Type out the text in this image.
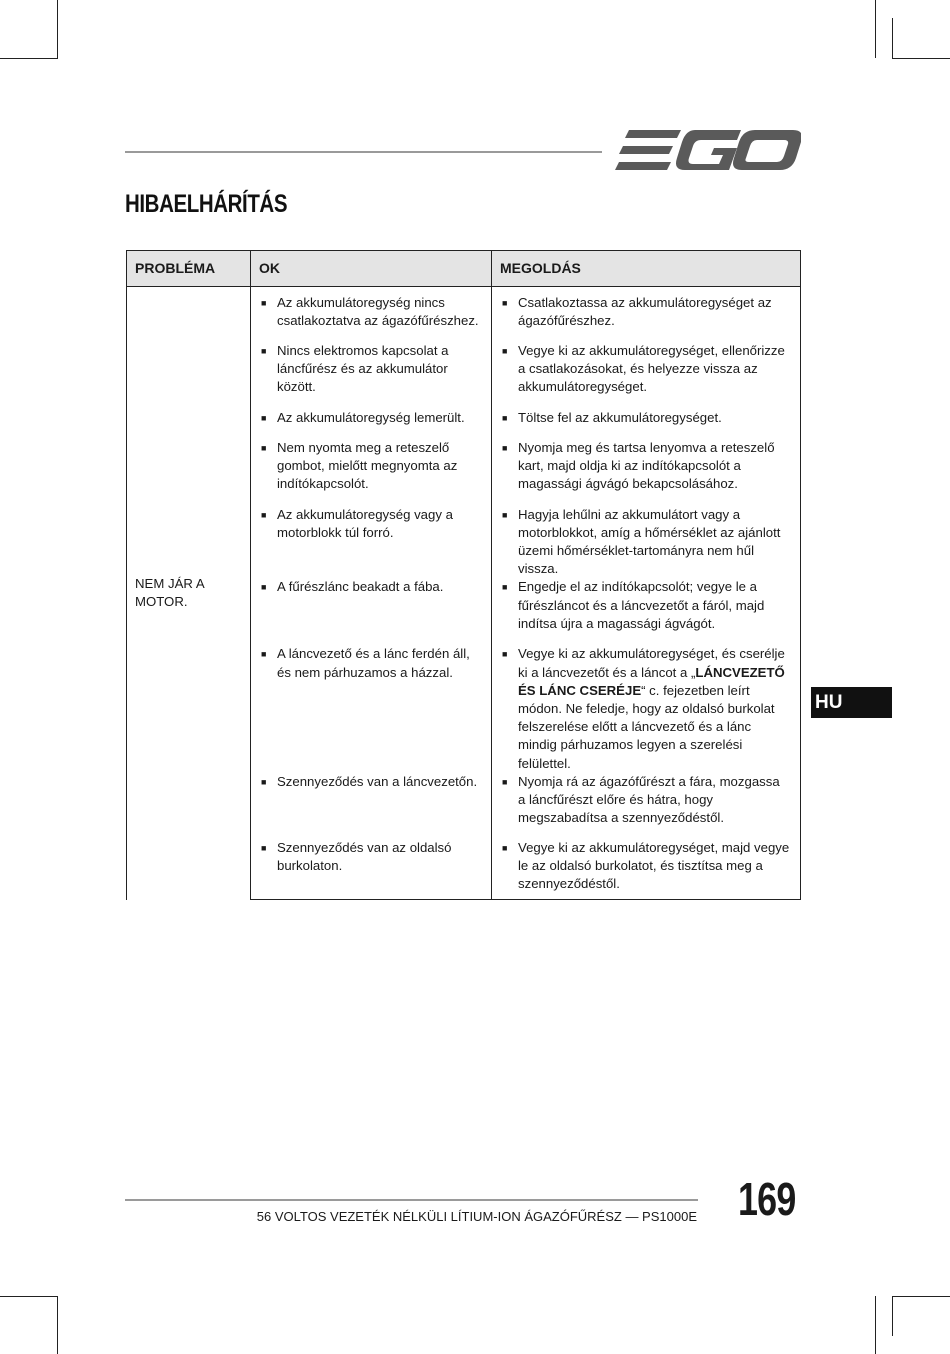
HIBAELHÁRÍTÁS
PROBLÉMA	OK	MEGOLDÁS
NEM JÁR A MOTOR.	■ Az akkumulátoregység nincs csatlakoztatva az ágazófűrészhez.	■ Csatlakoztassa az akkumulátoregységet az ágazófűrészhez.

	■ Nincs elektromos kapcsolat a láncfűrész és az akkumulátor között.	■ Vegye ki az akkumulátoregységet, ellenőrizze a csatlakozásokat, és helyezze vissza az akkumulátoregységet.

	■ Az akkumulátoregység lemerült.	■ Töltse fel az akkumulátoregységet.

	■ Nem nyomta meg a reteszelő gombot, mielőtt megnyomta az indítókapcsolót.	■ Nyomja meg és tartsa lenyomva a reteszelő kart, majd oldja ki az indítókapcsolót a magassági ágvágó bekapcsolásához.

	■ Az akkumulátoregység vagy a motorblokk túl forró.	■ Hagyja lehűlni az akkumulátort vagy a motorblokkot, amíg a hőmérséklet az ajánlott üzemi hőmérséklet-tartományra nem hűl vissza.

	■ A fűrészlánc beakadt a fába.	■ Engedje el az indítókapcsolót; vegye le a fűrészláncot és a láncvezetőt a fáról, majd indítsa újra a magassági ágvágót.

	■ A láncvezető és a lánc ferdén áll, és nem párhuzamos a házzal.	■ Vegye ki az akkumulátoregységet, és cserélje ki a láncvezetőt és a láncot a „LÁNCVEZETŐ ÉS LÁNC CSERÉJE“ c. fejezetben leírt módon. Ne feledje, hogy az oldalsó burkolat felszerelése előtt a láncvezető és a lánc mindig párhuzamos legyen a szerelési felülettel.

	■ Szennyeződés van a láncvezetőn.	■ Nyomja rá az ágazófűrészt a fára, mozgassa a láncfűrészt előre és hátra, hogy megszabadítsa a szennyeződéstől.

	■ Szennyeződés van az oldalsó burkolaton.	■ Vegye ki az akkumulátoregységet, majd vegye le az oldalsó burkolatot, és tisztítsa meg a szennyeződéstől.
HU
56 VOLTOS VEZETÉK NÉLKÜLI LÍTIUM-ION ÁGAZÓFŰRÉSZ — PS1000E 169
